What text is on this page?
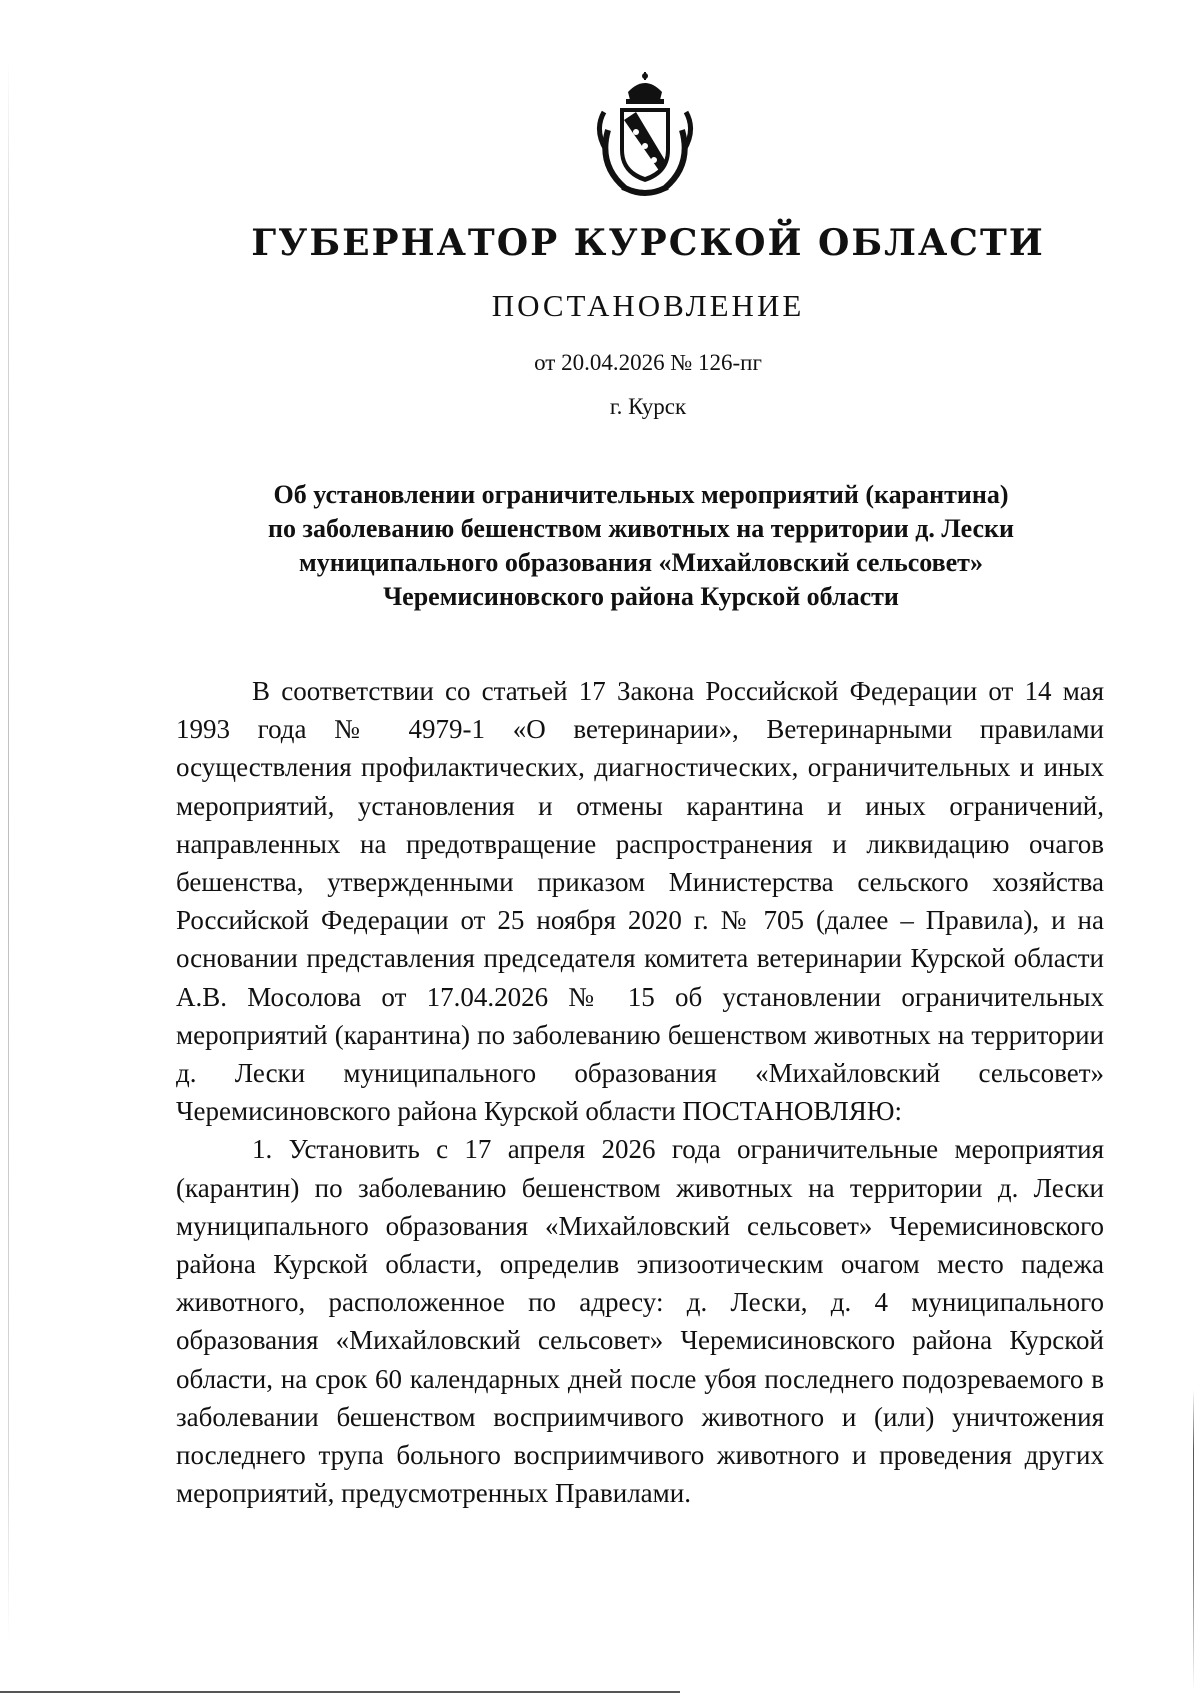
ГУБЕРНАТОР КУРСКОЙ ОБЛАСТИ
ПОСТАНОВЛЕНИЕ
от 20.04.2026 № 126-пг
г. Курск
Об установлении ограничительных мероприятий (карантина)
по заболеванию бешенством животных на территории д. Лески
муниципального образования «Михайловский сельсовет»
Черемисиновского района Курской области

В соответствии со статьей 17 Закона Российской Федерации от 14 мая 1993 года № 4979-1 «О ветеринарии», Ветеринарными правилами осуществления профилактических, диагностических, ограничительных и иных мероприятий, установления и отмены карантина и иных ограничений, направленных на предотвращение распространения и ликвидацию очагов бешенства, утвержденными приказом Министерства сельского хозяйства Российской Федерации от 25 ноября 2020 г. № 705 (далее – Правила), и на основании представления председателя комитета ветеринарии Курской области А.В. Мосолова от 17.04.2026 № 15 об установлении ограничительных мероприятий (карантина) по заболеванию бешенством животных на территории д. Лески муниципального образования «Михайловский сельсовет» Черемисиновского района Курской области ПОСТАНОВЛЯЮ:

1. Установить с 17 апреля 2026 года ограничительные мероприятия (карантин) по заболеванию бешенством животных на территории д. Лески муниципального образования «Михайловский сельсовет» Черемисиновского района Курской области, определив эпизоотическим очагом место падежа животного, расположенное по адресу: д. Лески, д. 4 муниципального образования «Михайловский сельсовет» Черемисиновского района Курской области, на срок 60 календарных дней после убоя последнего подозреваемого в заболевании бешенством восприимчивого животного и (или) уничтожения последнего трупа больного восприимчивого животного и проведения других мероприятий, предусмотренных Правилами.
